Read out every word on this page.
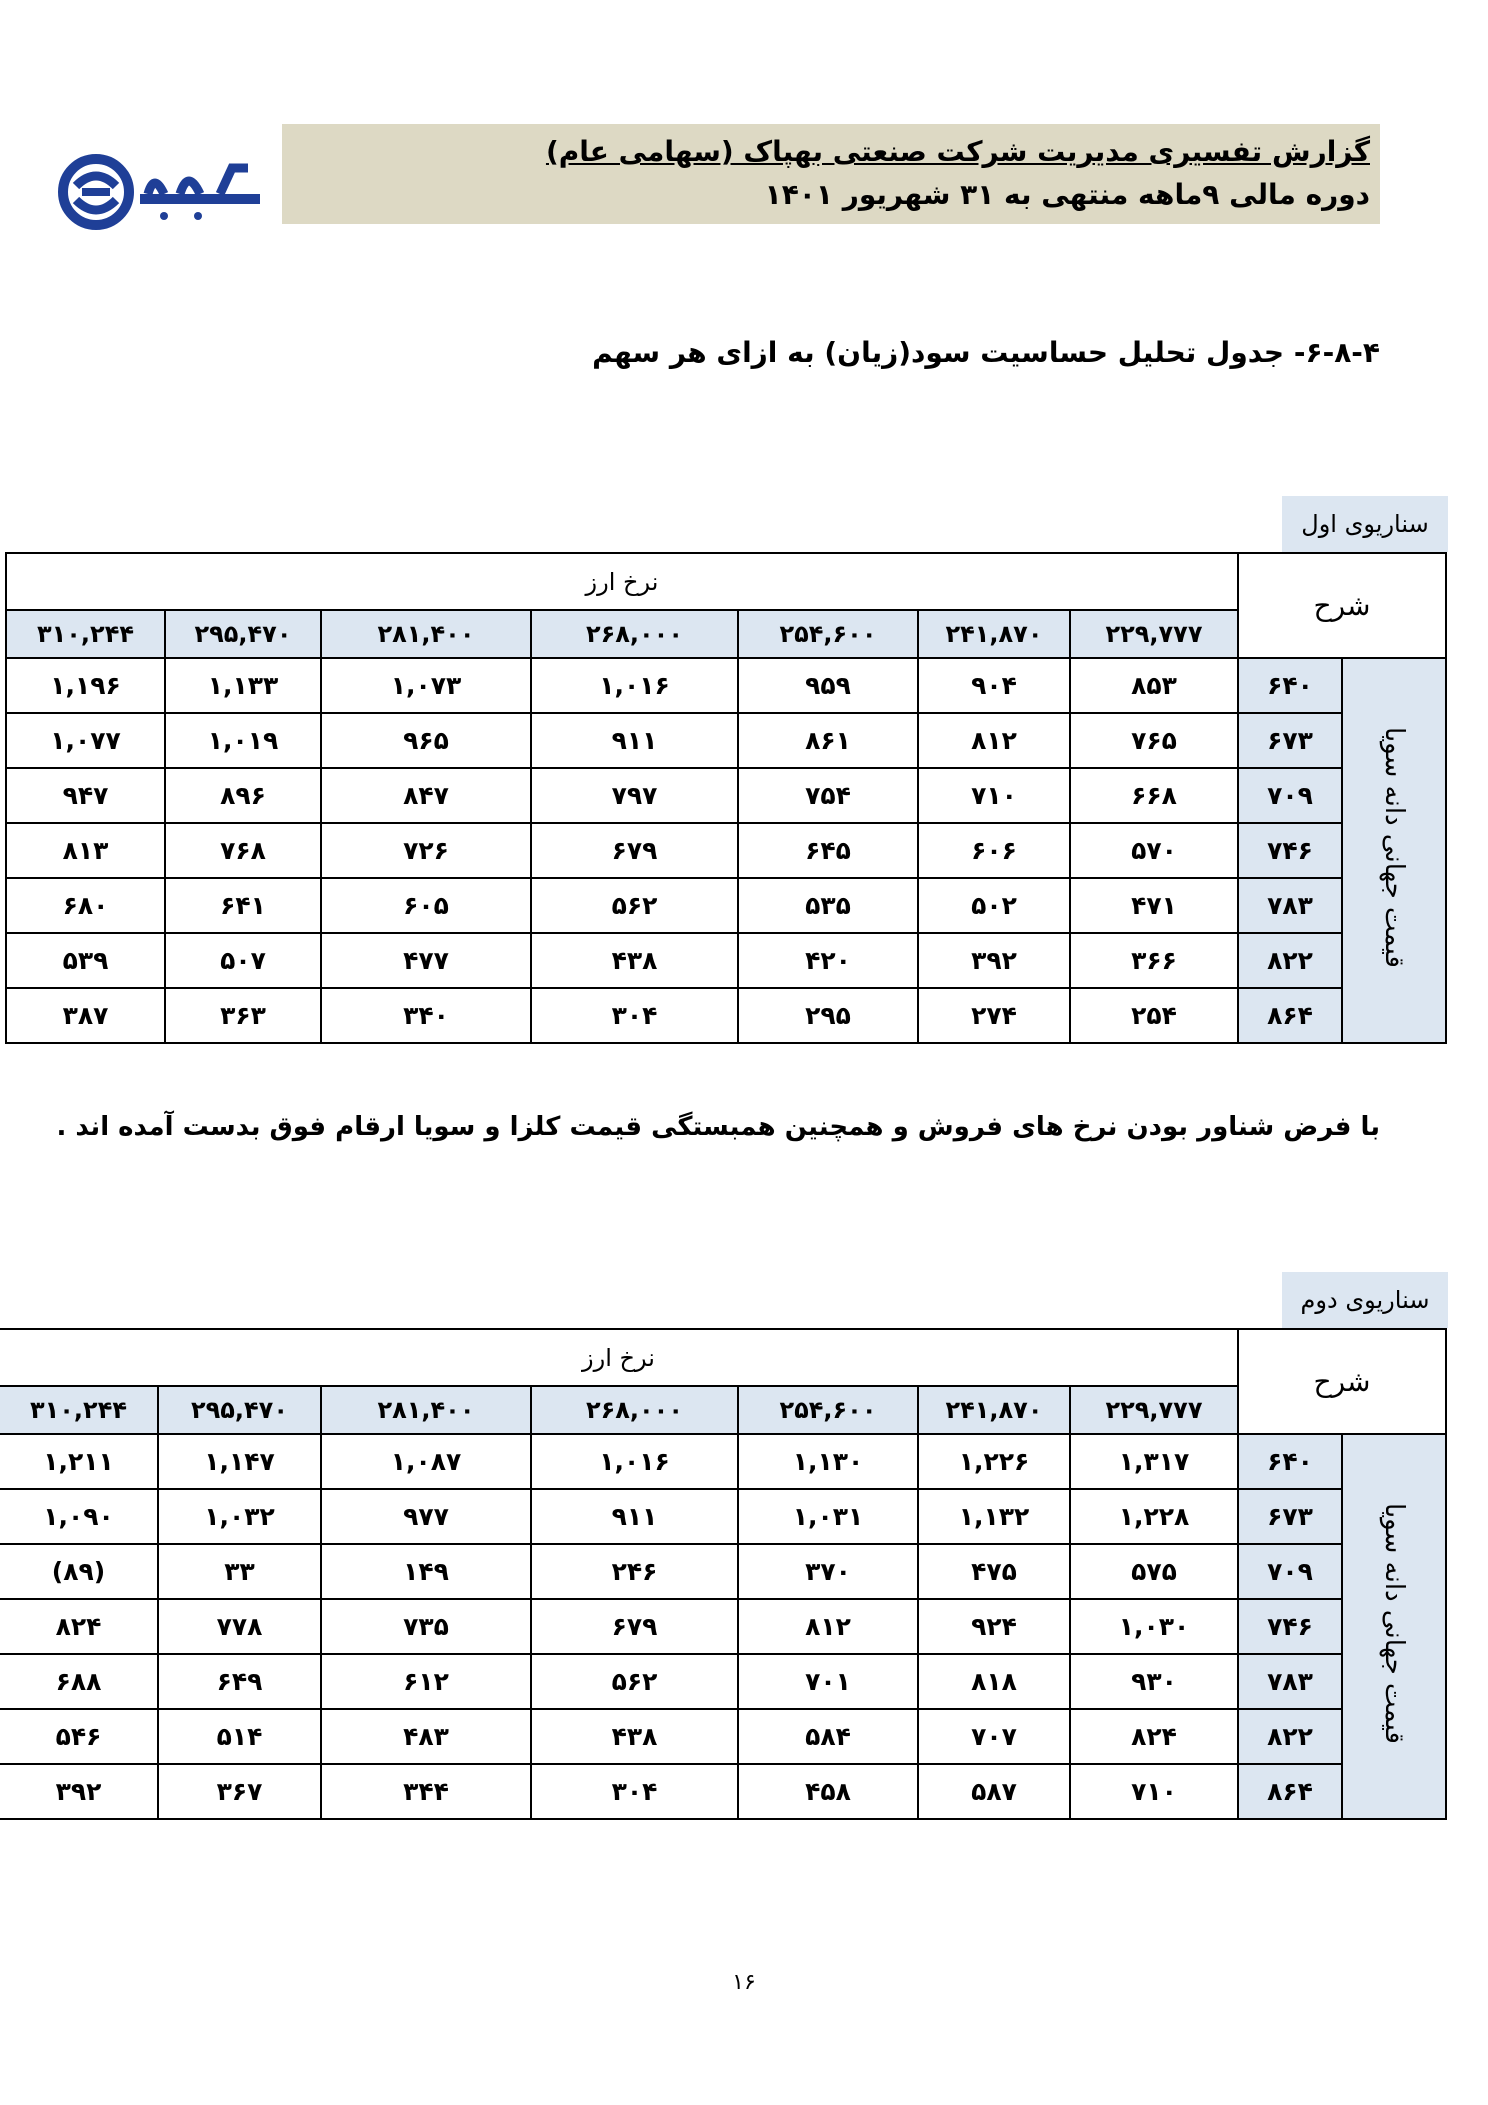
گزارش تفسیری مدیریت شرکت صنعتی بهپاک (سهامی عام)
دوره مالی ۹ماهه منتهی به ۳۱ شهریور ۱۴۰۱
۶-۸-۴- جدول تحلیل حساسیت سود(زیان) به ازای هر سهم
سناریوی اول
شرح		نرخ ارز						
		۲۲۹,۷۷۷	۲۴۱,۸۷۰	۲۵۴,۶۰۰	۲۶۸,۰۰۰	۲۸۱,۴۰۰	۲۹۵,۴۷۰	۳۱۰,۲۴۴
قیمت جهانی دانه سویا	۶۴۰	۸۵۳	۹۰۴	۹۵۹	۱,۰۱۶	۱,۰۷۳	۱,۱۳۳	۱,۱۹۶
	۶۷۳	۷۶۵	۸۱۲	۸۶۱	۹۱۱	۹۶۵	۱,۰۱۹	۱,۰۷۷
	۷۰۹	۶۶۸	۷۱۰	۷۵۴	۷۹۷	۸۴۷	۸۹۶	۹۴۷
	۷۴۶	۵۷۰	۶۰۶	۶۴۵	۶۷۹	۷۲۶	۷۶۸	۸۱۳
	۷۸۳	۴۷۱	۵۰۲	۵۳۵	۵۶۲	۶۰۵	۶۴۱	۶۸۰
	۸۲۲	۳۶۶	۳۹۲	۴۲۰	۴۳۸	۴۷۷	۵۰۷	۵۳۹
	۸۶۴	۲۵۴	۲۷۴	۲۹۵	۳۰۴	۳۴۰	۳۶۳	۳۸۷
با فرض شناور بودن نرخ های فروش و همچنین همبستگی قیمت کلزا و سویا ارقام فوق بدست آمده اند .
سناریوی دوم
شرح		نرخ ارز						
		۲۲۹,۷۷۷	۲۴۱,۸۷۰	۲۵۴,۶۰۰	۲۶۸,۰۰۰	۲۸۱,۴۰۰	۲۹۵,۴۷۰	۳۱۰,۲۴۴
قیمت جهانی دانه سویا	۶۴۰	۱,۳۱۷	۱,۲۲۶	۱,۱۳۰	۱,۰۱۶	۱,۰۸۷	۱,۱۴۷	۱,۲۱۱
	۶۷۳	۱,۲۲۸	۱,۱۳۲	۱,۰۳۱	۹۱۱	۹۷۷	۱,۰۳۲	۱,۰۹۰
	۷۰۹	۵۷۵	۴۷۵	۳۷۰	۲۴۶	۱۴۹	۳۳	(۸۹)
	۷۴۶	۱,۰۳۰	۹۲۴	۸۱۲	۶۷۹	۷۳۵	۷۷۸	۸۲۴
	۷۸۳	۹۳۰	۸۱۸	۷۰۱	۵۶۲	۶۱۲	۶۴۹	۶۸۸
	۸۲۲	۸۲۴	۷۰۷	۵۸۴	۴۳۸	۴۸۳	۵۱۴	۵۴۶
	۸۶۴	۷۱۰	۵۸۷	۴۵۸	۳۰۴	۳۴۴	۳۶۷	۳۹۲
۱۶
